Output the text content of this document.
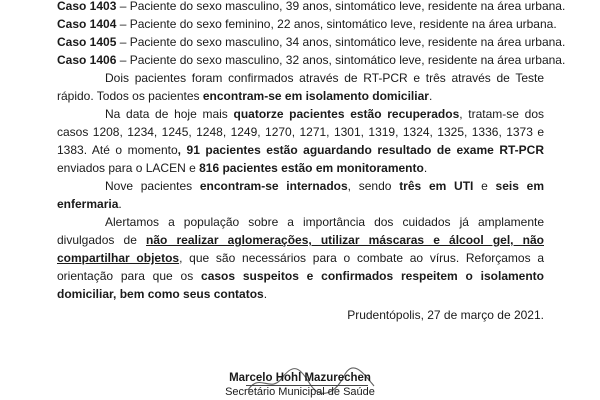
Caso 1403 – Paciente do sexo masculino, 39 anos, sintomático leve, residente na área urbana.
Caso 1404 – Paciente do sexo feminino, 22 anos, sintomático leve, residente na área urbana.
Caso 1405 – Paciente do sexo masculino, 34 anos, sintomático leve, residente na área urbana.
Caso 1406 – Paciente do sexo masculino, 32 anos, sintomático leve, residente na área urbana.

Dois pacientes foram confirmados através de RT-PCR e três através de Teste rápido. Todos os pacientes encontram-se em isolamento domiciliar.

Na data de hoje mais quatorze pacientes estão recuperados, tratam-se dos casos 1208, 1234, 1245, 1248, 1249, 1270, 1271, 1301, 1319, 1324, 1325, 1336, 1373 e 1383. Até o momento, 91 pacientes estão aguardando resultado de exame RT-PCR enviados para o LACEN e 816 pacientes estão em monitoramento.

Nove pacientes encontram-se internados, sendo três em UTI e seis em enfermaria.

Alertamos a população sobre a importância dos cuidados já amplamente divulgados de não realizar aglomerações, utilizar máscaras e álcool gel, não compartilhar objetos, que são necessários para o combate ao vírus. Reforçamos a orientação para que os casos suspeitos e confirmados respeitem o isolamento domiciliar, bem como seus contatos.

Prudentópolis, 27 de março de 2021.

Marcelo Hohl Mazurechen
Secretário Municipal de Saúde
